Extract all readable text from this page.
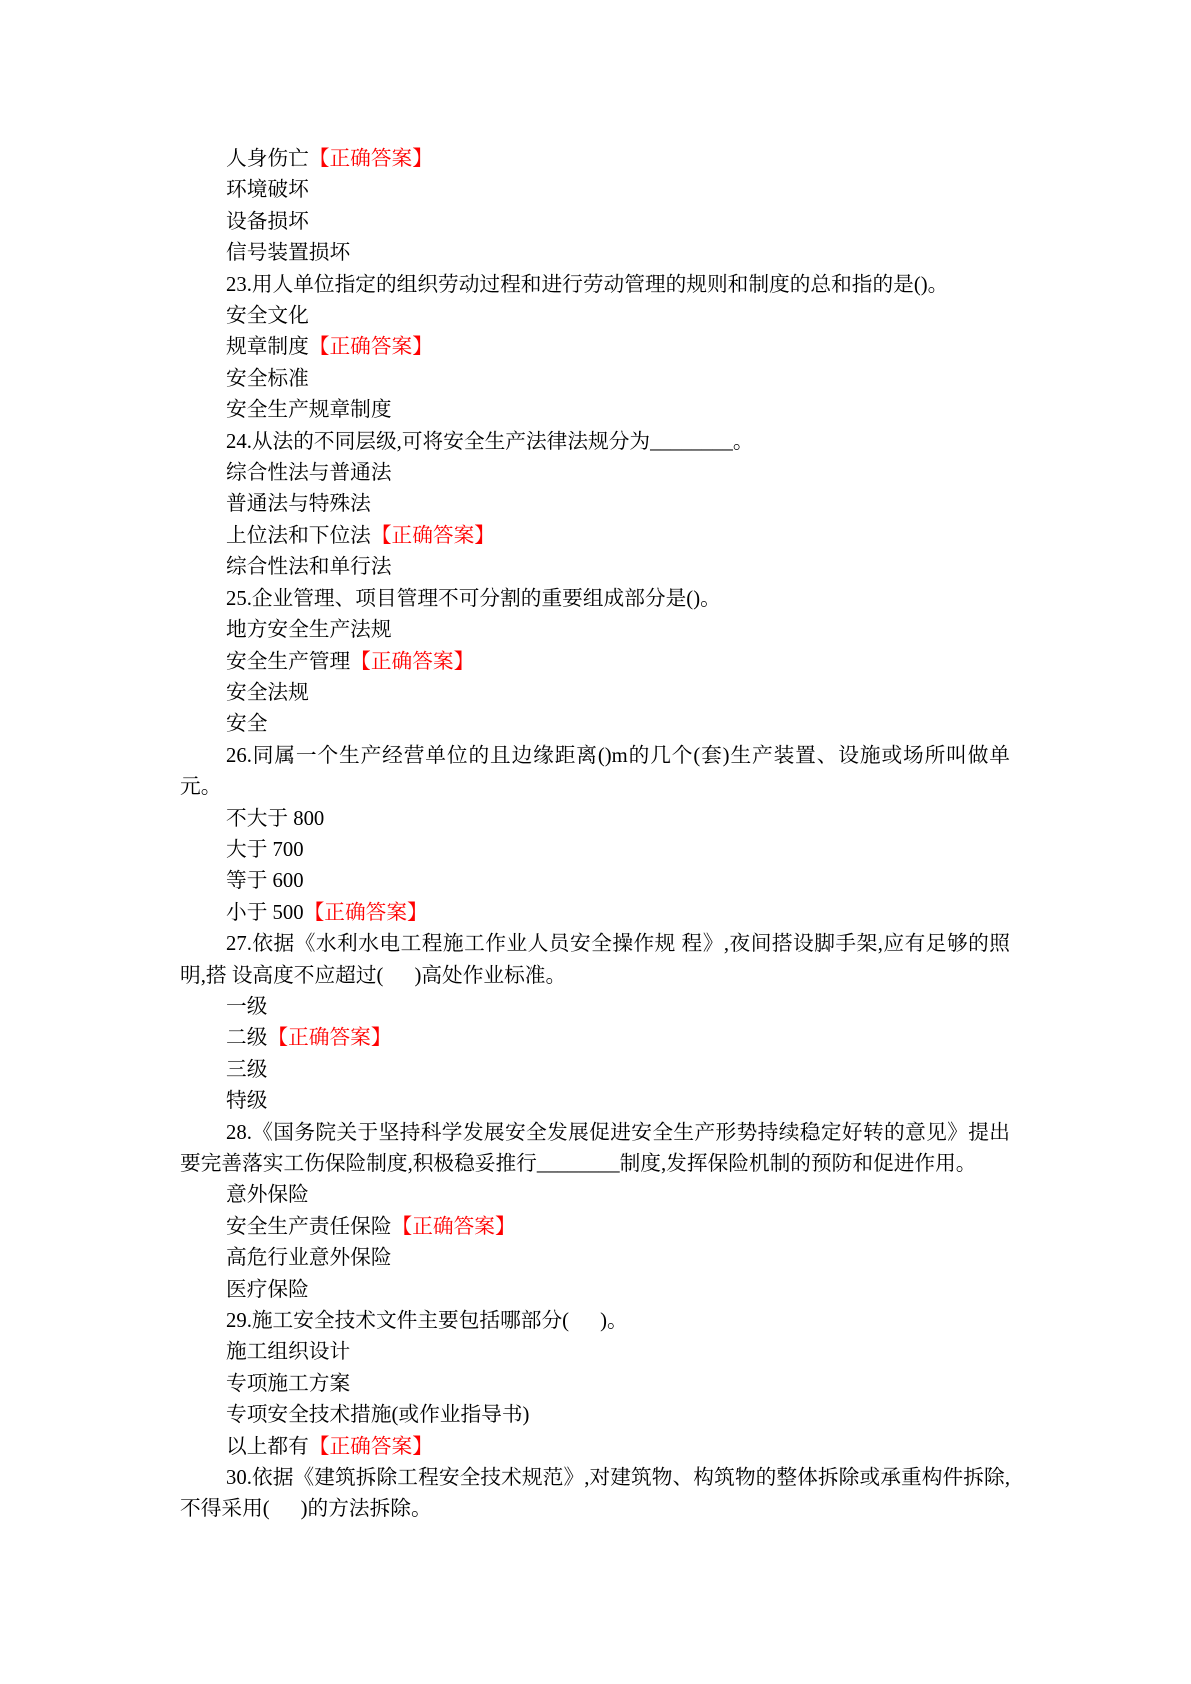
人身伤亡【正确答案】

环境破坏

设备损坏

信号装置损坏

23.用人单位指定的组织劳动过程和进行劳动管理的规则和制度的总和指的是()。

安全文化

规章制度【正确答案】

安全标准

安全生产规章制度

24.从法的不同层级,可将安全生产法律法规分为________。

综合性法与普通法

普通法与特殊法

上位法和下位法【正确答案】

综合性法和单行法

25.企业管理、项目管理不可分割的重要组成部分是()。

地方安全生产法规

安全生产管理【正确答案】

安全法规

安全

26.同属一个生产经营单位的且边缘距离()m的几个(套)生产装置、设施或场所叫做单元。

不大于 800

大于 700

等于 600

小于 500【正确答案】

27.依据《水利水电工程施工作业人员安全操作规 程》,夜间搭设脚手架,应有足够的照明,搭 设高度不应超过(      )高处作业标准。

一级

二级【正确答案】

三级

特级

28.《国务院关于坚持科学发展安全发展促进安全生产形势持续稳定好转的意见》提出要完善落实工伤保险制度,积极稳妥推行________制度,发挥保险机制的预防和促进作用。

意外保险

安全生产责任保险【正确答案】

高危行业意外保险

医疗保险

29.施工安全技术文件主要包括哪部分(      )。

施工组织设计

专项施工方案

专项安全技术措施(或作业指导书)

以上都有【正确答案】

30.依据《建筑拆除工程安全技术规范》,对建筑物、构筑物的整体拆除或承重构件拆除,不得采用(      )的方法拆除。
